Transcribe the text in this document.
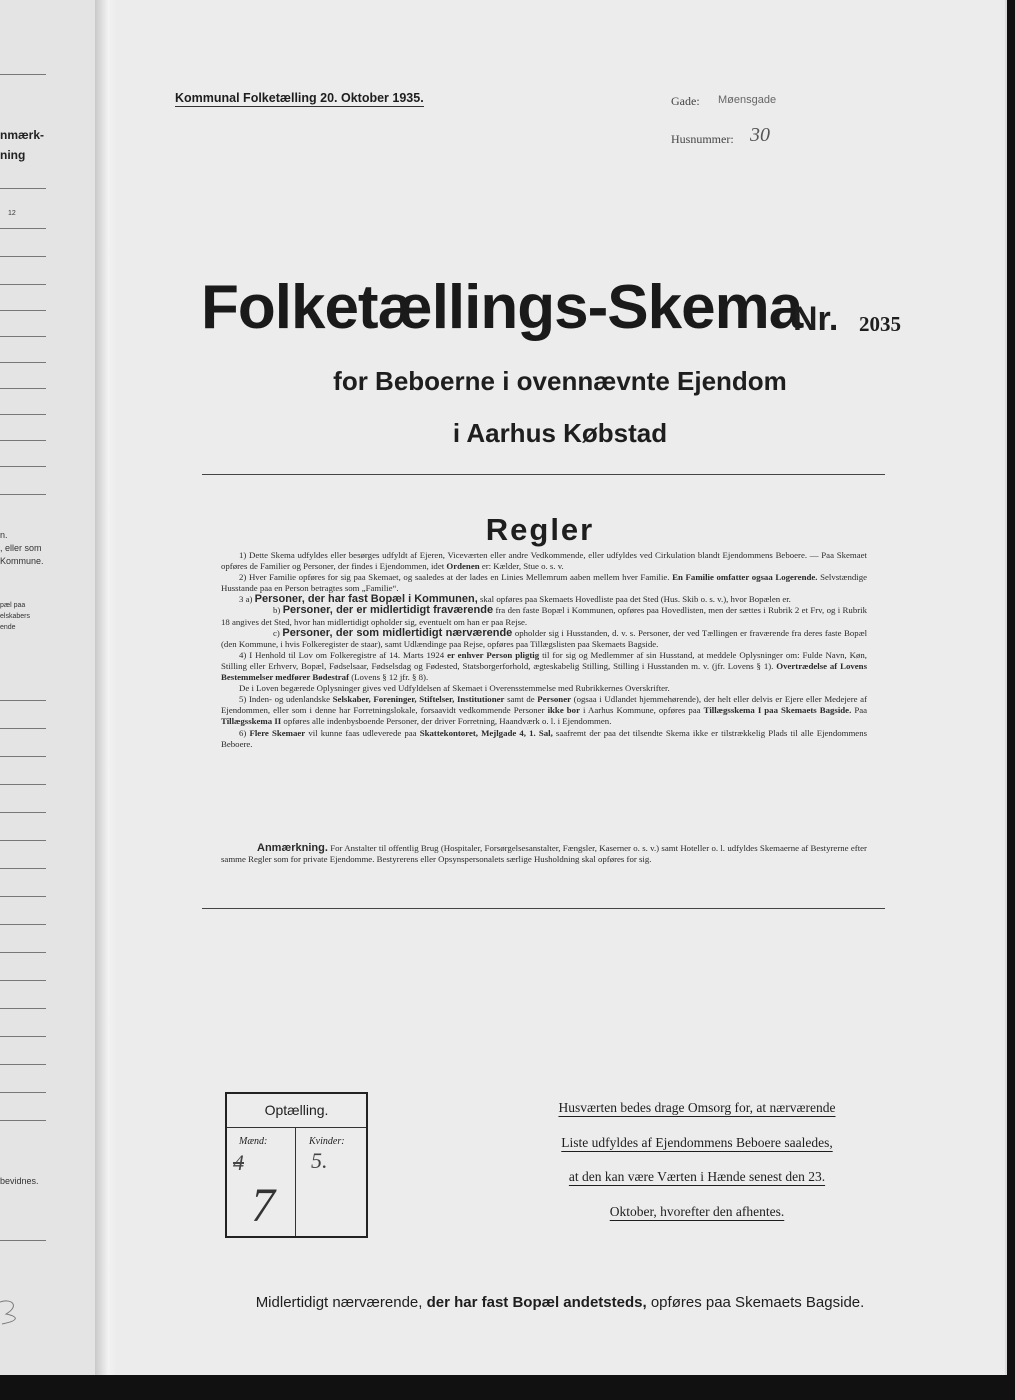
nmærk-
ning
12
n.
, eller som
Kommune.
pæl paa
elskabers
ende
bevidnes.
Kommunal Folketælling 20. Oktober 1935.	Gade: Møensgade
Husnummer: 30
Folketællings-Skema
Nr. 2035
for Beboerne i ovennævnte Ejendom
i Aarhus Købstad
Regler

1) Dette Skema udfyldes eller besørges udfyldt af Ejeren, Viceværten eller andre Vedkommende, eller udfyldes ved Cirkulation blandt Ejendommens Beboere. — Paa Skemaet opføres de Familier og Personer, der findes i Ejendommen, idet Ordenen er: Kælder, Stue o. s. v.

2) Hver Familie opføres for sig paa Skemaet, og saaledes at der lades en Linies Mellemrum aaben mellem hver Familie. En Familie omfatter ogsaa Logerende. Selvstændige Husstande paa en Person betragtes som „Familie“.

3 a) Personer, der har fast Bopæl i Kommunen, skal opføres paa Skemaets Hovedliste paa det Sted (Hus. Skib o. s. v.), hvor Bopælen er.

b) Personer, der er midlertidigt fraværende fra den faste Bopæl i Kommunen, opføres paa Hovedlisten, men der sættes i Rubrik 2 et Frv, og i Rubrik 18 angives det Sted, hvor han midlertidigt opholder sig, eventuelt om han er paa Rejse.

c) Personer, der som midlertidigt nærværende opholder sig i Husstanden, d. v. s. Personer, der ved Tællingen er fraværende fra deres faste Bopæl (den Kommune, i hvis Folkeregister de staar), samt Udlændinge paa Rejse, opføres paa Tillægslisten paa Skemaets Bagside.

4) I Henhold til Lov om Folkeregistre af 14. Marts 1924 er enhver Person pligtig til for sig og Medlemmer af sin Husstand, at meddele Oplysninger om: Fulde Navn, Køn, Stilling eller Erhverv, Bopæl, Fødselsaar, Fødselsdag og Fødested, Statsborgerforhold, ægteskabelig Stilling, Stilling i Husstanden m. v. (jfr. Lovens § 1). Overtrædelse af Lovens Bestemmelser medfører Bødestraf (Lovens § 12 jfr. § 8).

De i Loven begærede Oplysninger gives ved Udfyldelsen af Skemaet i Overensstemmelse med Rubrikkernes Overskrifter.

5) Inden- og udenlandske Selskaber, Foreninger, Stiftelser, Institutioner samt de Personer (ogsaa i Udlandet hjemmehørende), der helt eller delvis er Ejere eller Medejere af Ejendommen, eller som i denne har Forretningslokale, forsaavidt vedkommende Personer ikke bor i Aarhus Kommune, opføres paa Tillægsskema I paa Skemaets Bagside. Paa Tillægsskema II opføres alle indenbysboende Personer, der driver Forretning, Haandværk o. l. i Ejendommen.

6) Flere Skemaer vil kunne faas udleverede paa Skattekontoret, Mejlgade 4, 1. Sal, saafremt der paa det tilsendte Skema ikke er tilstrækkelig Plads til alle Ejendommens Beboere.

Anmærkning. For Anstalter til offentlig Brug (Hospitaler, Forsørgelsesanstalter, Fængsler, Kaserner o. s. v.) samt Hoteller o. l. udfyldes Skemaerne af Bestyrerne efter samme Regler som for private Ejendomme. Bestyrerens eller Opsynspersonalets særlige Husholdning skal opføres for sig.
Optælling.
Mænd:	Kvinder:
4
7
5.
Husværten bedes drage Omsorg for, at nærværende
Liste udfyldes af Ejendommens Beboere saaledes,
at den kan være Værten i Hænde senest den 23.
Oktober, hvorefter den afhentes.
Midlertidigt nærværende, der har fast Bopæl andetsteds, opføres paa Skemaets Bagside.
